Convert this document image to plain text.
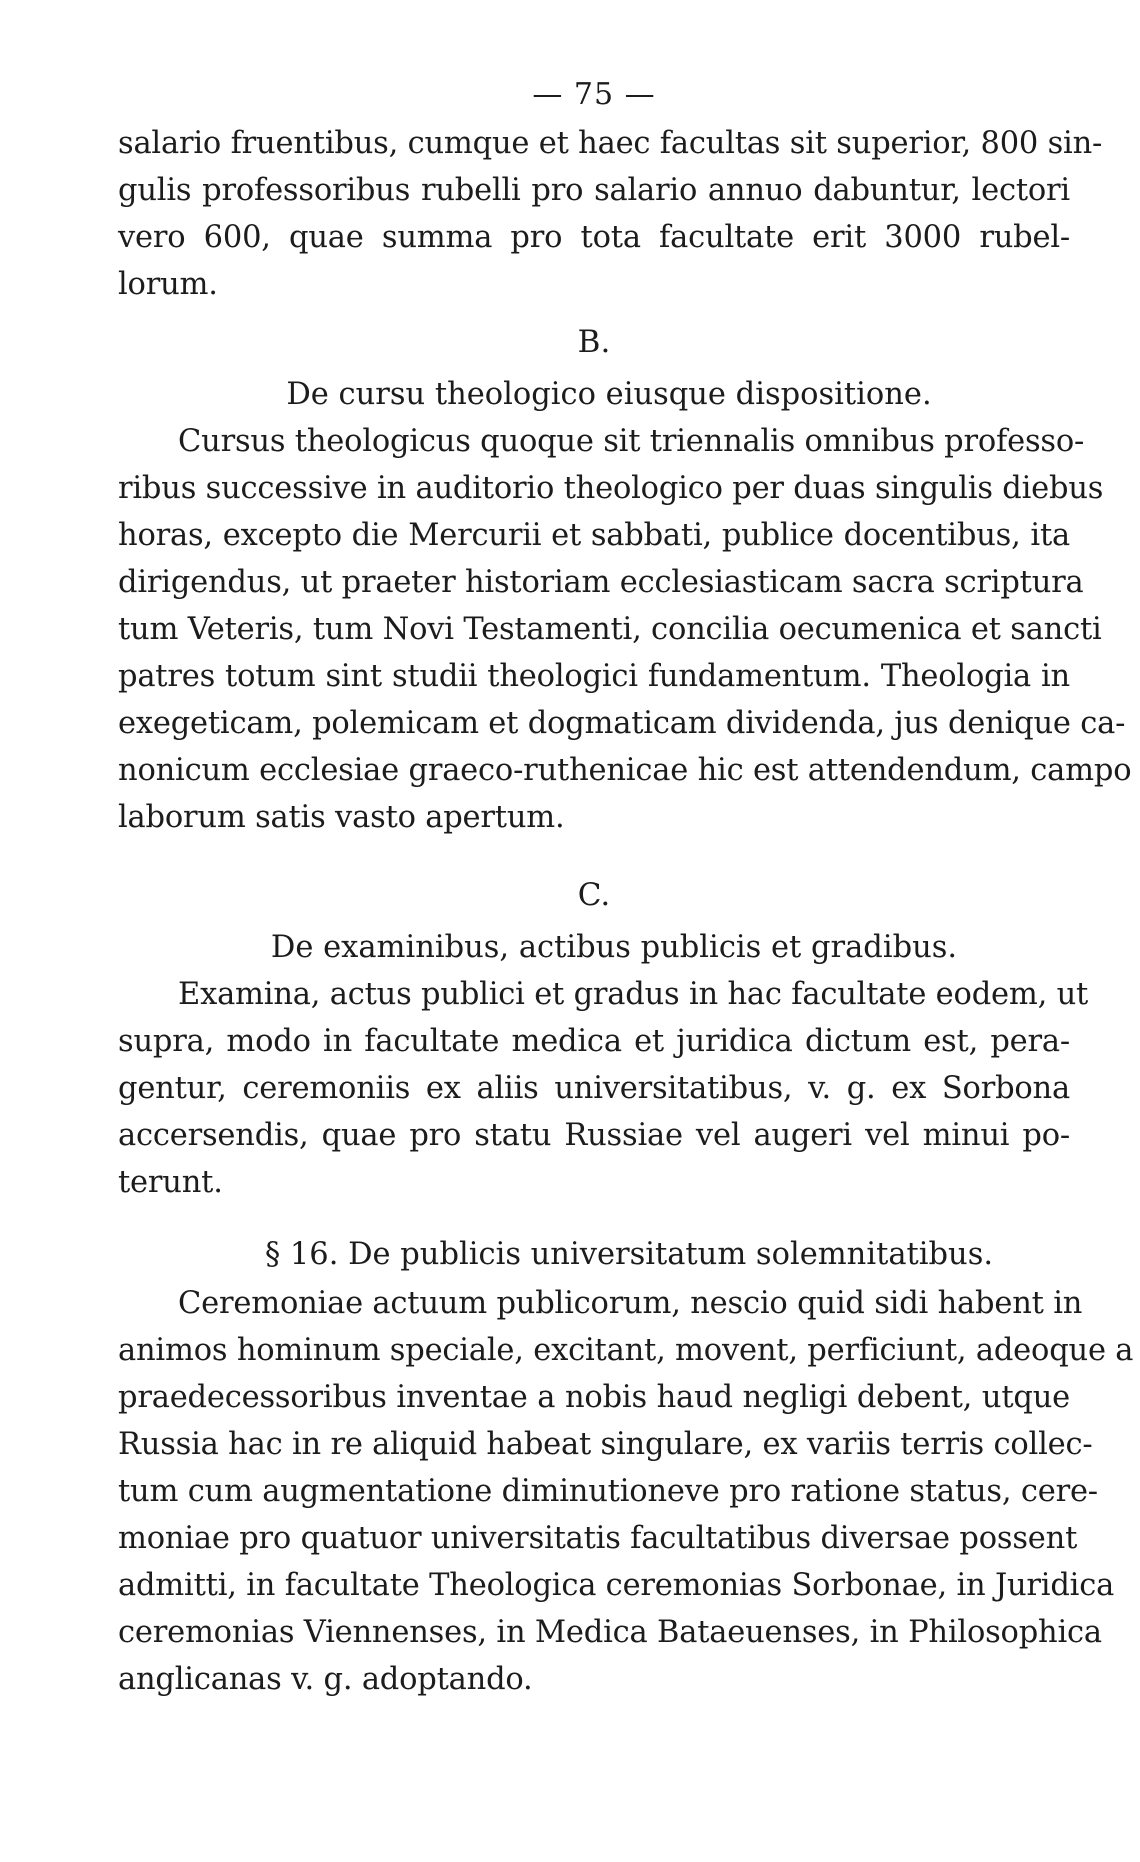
— 75 —
salario fruentibus, cumque et haec facultas sit superior, 800 sin-
gulis professoribus rubelli pro salario annuo dabuntur, lectori
vero 600, quae summa pro tota facultate erit 3000 rubel-
lorum.
B.
De cursu theologico eiusque dispositione.
Cursus theologicus quoque sit triennalis omnibus professo-
ribus successive in auditorio theologico per duas singulis diebus
horas, excepto die Mercurii et sabbati, publice docentibus, ita
dirigendus, ut praeter historiam ecclesiasticam sacra scriptura
tum Veteris, tum Novi Testamenti, concilia oecumenica et sancti
patres totum sint studii theologici fundamentum. Theologia in
exegeticam, polemicam et dogmaticam dividenda, jus denique ca-
nonicum ecclesiae graeco-ruthenicae hic est attendendum, campo
laborum satis vasto apertum.
C.
De examinibus, actibus publicis et gradibus.
Examina, actus publici et gradus in hac facultate eodem, ut
supra, modo in facultate medica et juridica dictum est, pera-
gentur, ceremoniis ex aliis universitatibus, v. g. ex Sorbona
accersendis, quae pro statu Russiae vel augeri vel minui po-
terunt.
§ 16. De publicis universitatum solemnitatibus.
Ceremoniae actuum publicorum, nescio quid sidi habent in
animos hominum speciale, excitant, movent, perficiunt, adeoque a
praedecessoribus inventae a nobis haud negligi debent, utque
Russia hac in re aliquid habeat singulare, ex variis terris collec-
tum cum augmentatione diminutioneve pro ratione status, cere-
moniae pro quatuor universitatis facultatibus diversae possent
admitti, in facultate Theologica ceremonias Sorbonae, in Juridica
ceremonias Viennenses, in Medica Bataeuenses, in Philosophica
anglicanas v. g. adoptando.
